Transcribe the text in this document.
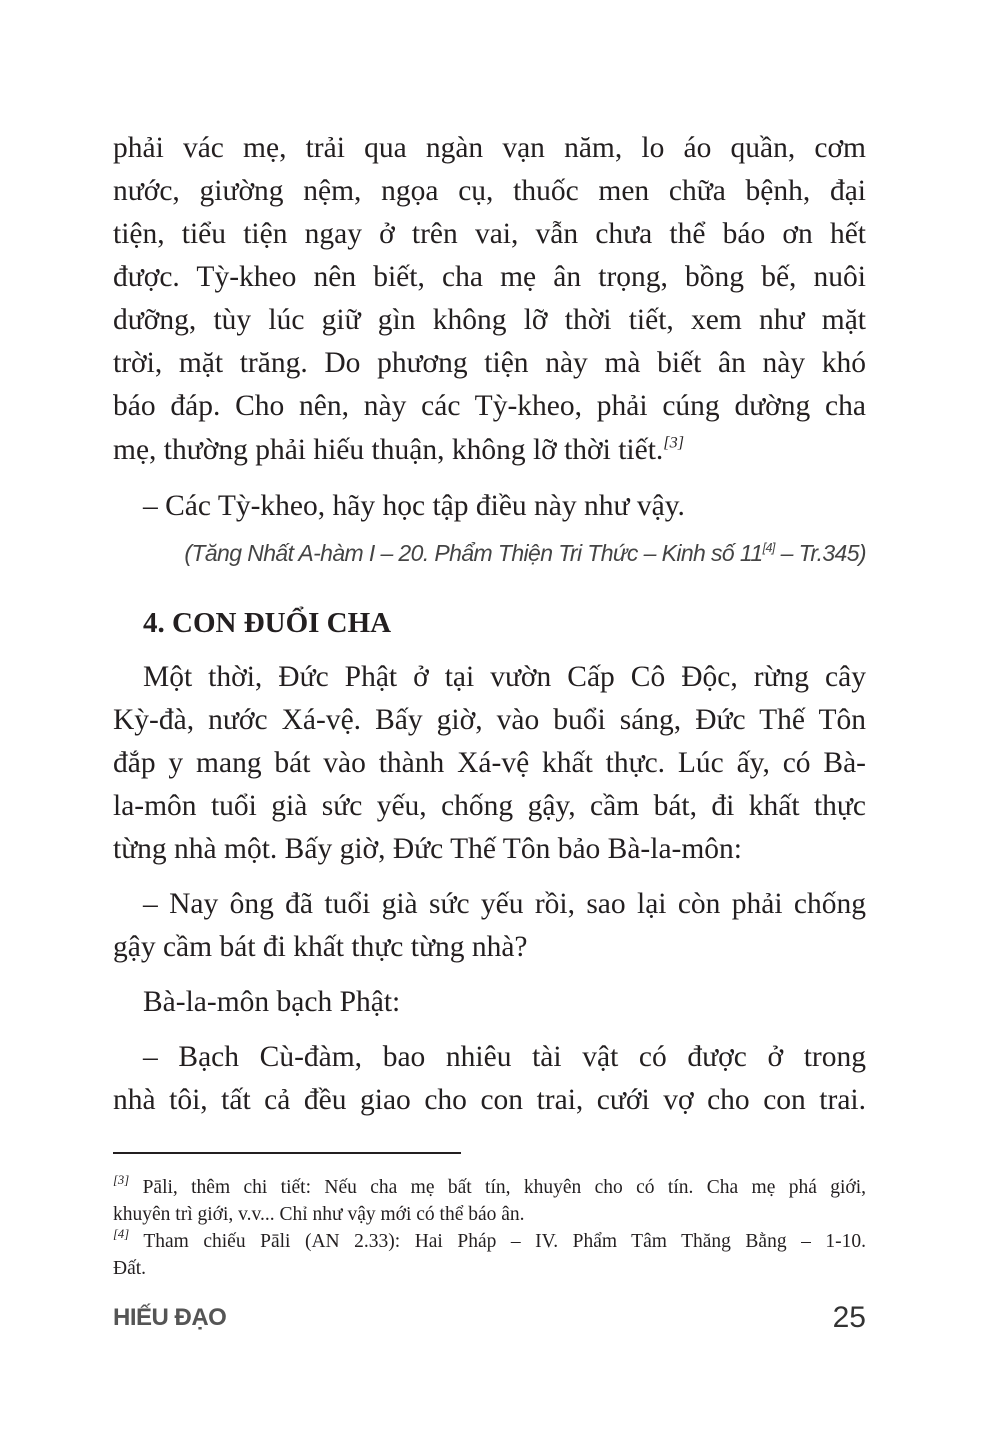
phải vác mẹ, trải qua ngàn vạn năm, lo áo quần, cơm
nước, giường nệm, ngọa cụ, thuốc men chữa bệnh, đại
tiện, tiểu tiện ngay ở trên vai, vẫn chưa thể báo ơn hết
được. Tỳ-kheo nên biết, cha mẹ ân trọng, bồng bế, nuôi
dưỡng, tùy lúc giữ gìn không lỡ thời tiết, xem như mặt
trời, mặt trăng. Do phương tiện này mà biết ân này khó
báo đáp. Cho nên, này các Tỳ-kheo, phải cúng dường cha
mẹ, thường phải hiếu thuận, không lỡ thời tiết.[3]
– Các Tỳ-kheo, hãy học tập điều này như vậy.
(Tăng Nhất A-hàm I – 20. Phẩm Thiện Tri Thức – Kinh số 11[4] – Tr.345)
4. CON ĐUỔI CHA
Một thời, Đức Phật ở tại vườn Cấp Cô Độc, rừng cây
Kỳ-đà, nước Xá-vệ. Bấy giờ, vào buổi sáng, Đức Thế Tôn
đắp y mang bát vào thành Xá-vệ khất thực. Lúc ấy, có Bà-
la-môn tuổi già sức yếu, chống gậy, cầm bát, đi khất thực
từng nhà một. Bấy giờ, Đức Thế Tôn bảo Bà-la-môn:
– Nay ông đã tuổi già sức yếu rồi, sao lại còn phải chống
gậy cầm bát đi khất thực từng nhà?
Bà-la-môn bạch Phật:
– Bạch Cù-đàm, bao nhiêu tài vật có được ở trong
nhà tôi, tất cả đều giao cho con trai, cưới vợ cho con trai.
[3] Pāli, thêm chi tiết: Nếu cha mẹ bất tín, khuyên cho có tín. Cha mẹ phá giới,
khuyên trì giới, v.v... Chỉ như vậy mới có thể báo ân.
[4] Tham chiếu Pāli (AN 2.33): Hai Pháp – IV. Phẩm Tâm Thăng Bằng – 1-10.
Đất.
HIẾU ĐẠO	25
